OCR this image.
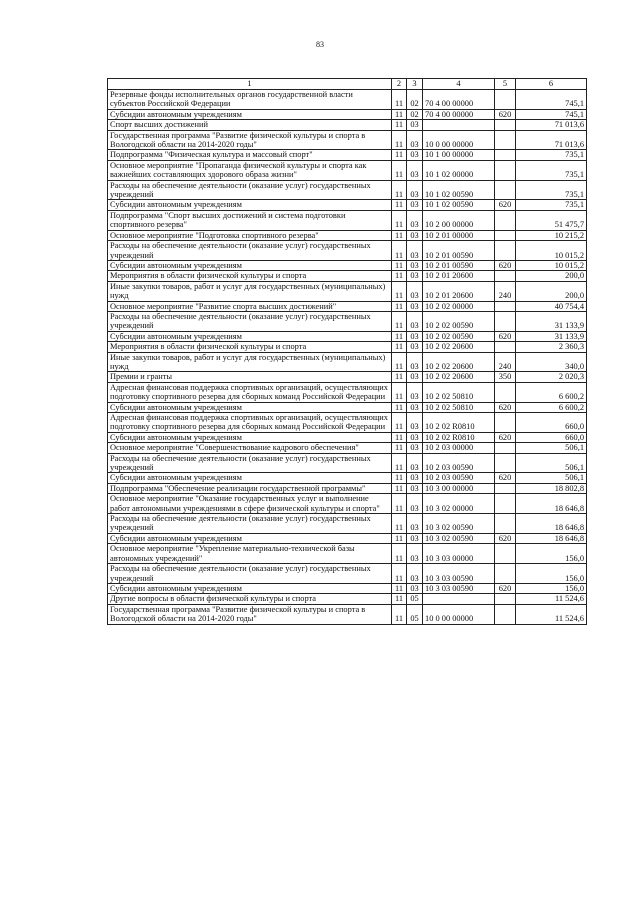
83
1	2	3	4	5	6
Резервные фонды исполнительных органов государственной власти субъектов Российской Федерации	11	02	70 4 00 00000		745,1
Субсидии автономным учреждениям	11	02	70 4 00 00000	620	745,1
Спорт высших достижений	11	03			71 013,6
Государственная программа "Развитие физической культуры и спорта в Вологодской области на 2014-2020 годы"	11	03	10 0 00 00000		71 013,6
Подпрограмма "Физическая культура и массовый спорт"	11	03	10 1 00 00000		735,1
Основное мероприятие "Пропаганда физической культуры и спорта как важнейших составляющих здорового образа жизни"	11	03	10 1 02 00000		735,1
Расходы на обеспечение деятельности (оказание услуг) государственных учреждений	11	03	10 1 02 00590		735,1
Субсидии автономным учреждениям	11	03	10 1 02 00590	620	735,1
Подпрограмма "Спорт высших достижений и система подготовки спортивного резерва"	11	03	10 2 00 00000		51 475,7
Основное мероприятие "Подготовка спортивного резерва"	11	03	10 2 01 00000		10 215,2
Расходы на обеспечение деятельности (оказание услуг) государственных учреждений	11	03	10 2 01 00590		10 015,2
Субсидии автономным учреждениям	11	03	10 2 01 00590	620	10 015,2
Мероприятия в области физической культуры и спорта	11	03	10 2 01 20600		200,0
Иные закупки товаров, работ и услуг для государственных (муниципальных) нужд	11	03	10 2 01 20600	240	200,0
Основное мероприятие "Развитие спорта высших достижений"	11	03	10 2 02 00000		40 754,4
Расходы на обеспечение деятельности (оказание услуг) государственных учреждений	11	03	10 2 02 00590		31 133,9
Субсидии автономным учреждениям	11	03	10 2 02 00590	620	31 133,9
Мероприятия в области физической культуры и спорта	11	03	10 2 02 20600		2 360,3
Иные закупки товаров, работ и услуг для государственных (муниципальных) нужд	11	03	10 2 02 20600	240	340,0
Премии и гранты	11	03	10 2 02 20600	350	2 020,3
Адресная финансовая поддержка спортивных организаций, осуществляющих подготовку спортивного резерва для сборных команд Российской Федерации	11	03	10 2 02 50810		6 600,2
Субсидии автономным учреждениям	11	03	10 2 02 50810	620	6 600,2
Адресная финансовая поддержка спортивных организаций, осуществляющих подготовку спортивного резерва для сборных команд Российской Федерации	11	03	10 2 02 R0810		660,0
Субсидии автономным учреждениям	11	03	10 2 02 R0810	620	660,0
Основное мероприятие "Совершенствование кадрового обеспечения"	11	03	10 2 03 00000		506,1
Расходы на обеспечение деятельности (оказание услуг) государственных учреждений	11	03	10 2 03 00590		506,1
Субсидии автономным учреждениям	11	03	10 2 03 00590	620	506,1
Подпрограмма "Обеспечение реализации государственной программы"	11	03	10 3 00 00000		18 802,8
Основное мероприятие "Оказание государственных услуг и выполнение работ автономными учреждениями в сфере физической культуры и спорта"	11	03	10 3 02 00000		18 646,8
Расходы на обеспечение деятельности (оказание услуг) государственных учреждений	11	03	10 3 02 00590		18 646,8
Субсидии автономным учреждениям	11	03	10 3 02 00590	620	18 646,8
Основное мероприятие "Укрепление материально-технической базы автономных учреждений"	11	03	10 3 03 00000		156,0
Расходы на обеспечение деятельности (оказание услуг) государственных учреждений	11	03	10 3 03 00590		156,0
Субсидии автономным учреждениям	11	03	10 3 03 00590	620	156,0
Другие вопросы в области физической культуры и спорта	11	05			11 524,6
Государственная программа "Развитие физической культуры и спорта в Вологодской области на 2014-2020 годы"	11	05	10 0 00 00000		11 524,6
